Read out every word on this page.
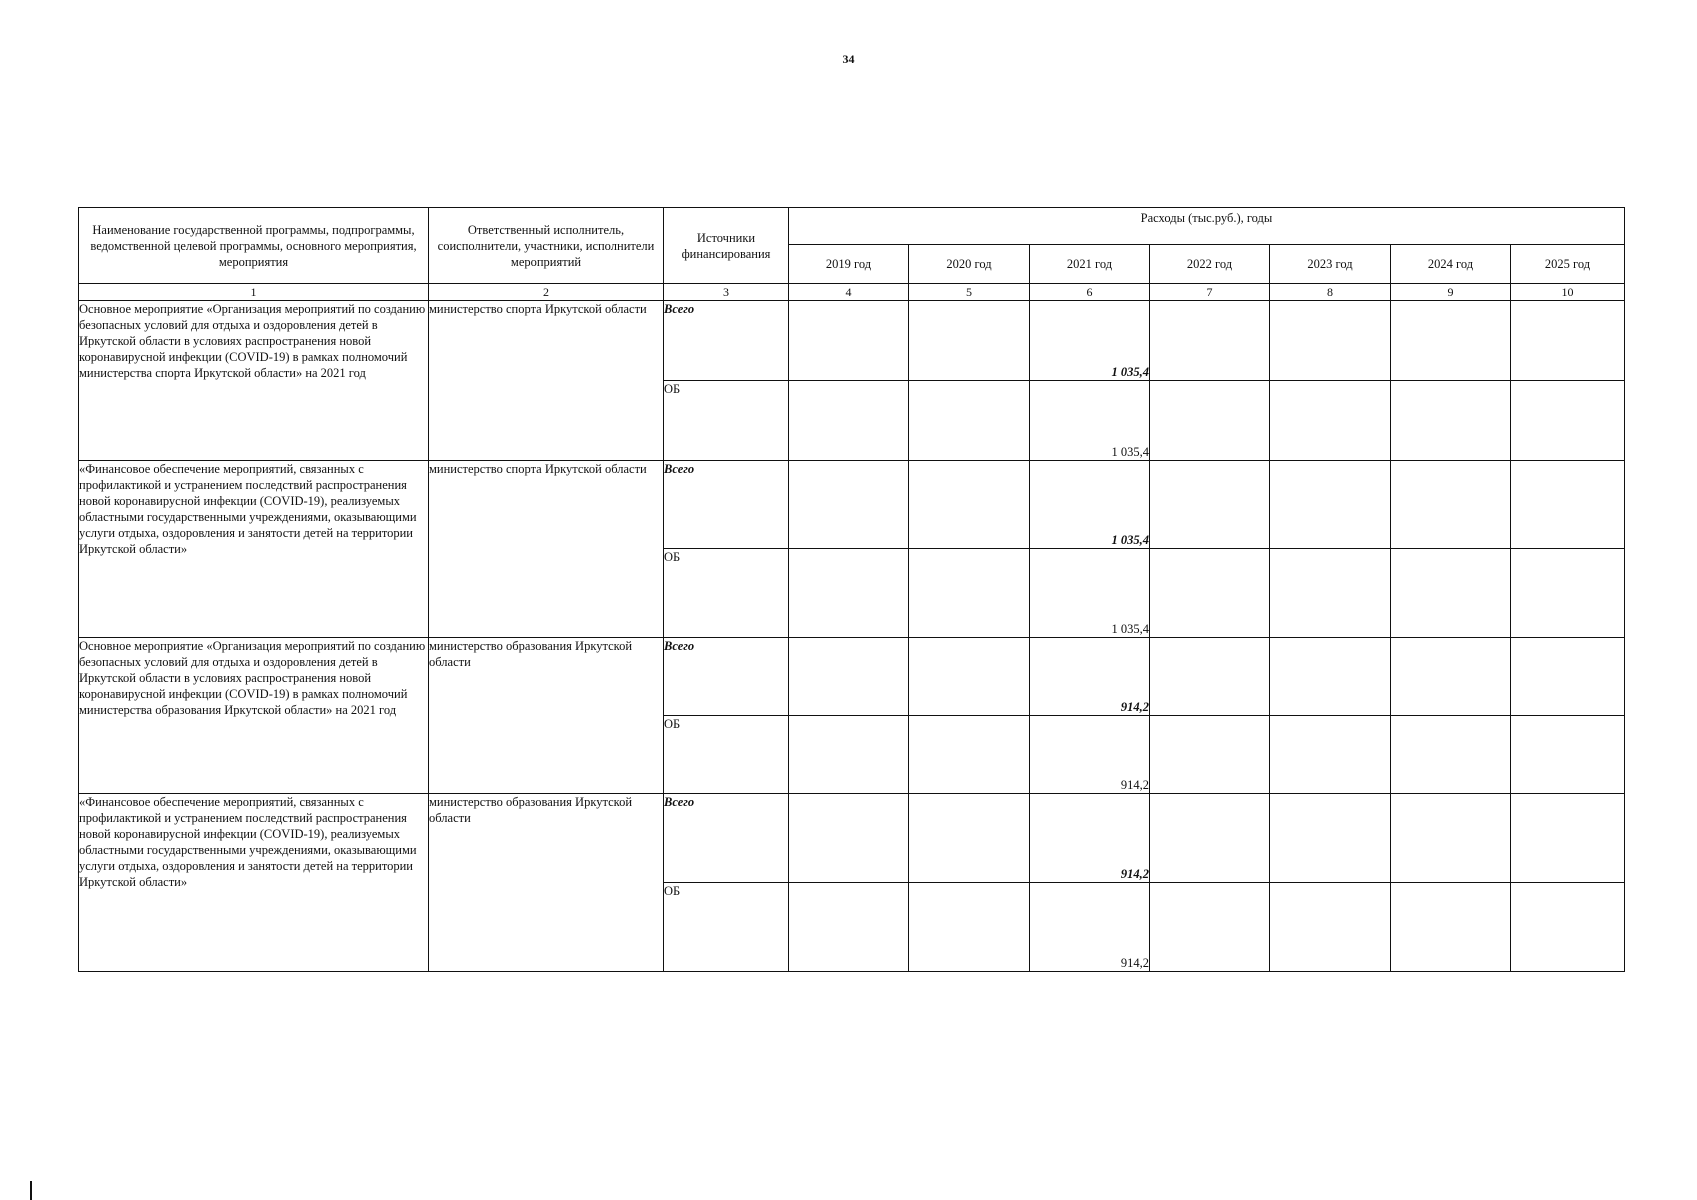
34
Наименование государственной программы, подпрограммы, ведомственной целевой программы, основного мероприятия, мероприятия	Ответственный исполнитель, соисполнители, участники, исполнители мероприятий	Источники финансирования	Расходы (тыс.руб.), годы						
			2019 год	2020 год	2021 год	2022 год	2023 год	2024 год	2025 год
1	2	3	4	5	6	7	8	9	10
Основное мероприятие «Организация мероприятий по созданию безопасных условий для отдыха и оздоровления детей в Иркутской области в условиях распространения новой коронавирусной инфекции (COVID-19) в рамках полномочий министерства спорта Иркутской области» на 2021 год	министерство спорта Иркутской области	Всего			1 035,4				
		ОБ			1 035,4				
«Финансовое обеспечение мероприятий, связанных с профилактикой и устранением последствий распространения новой коронавирусной инфекции (COVID-19), реализуемых областными государственными учреждениями, оказывающими услуги отдыха, оздоровления и занятости детей на территории Иркутской области»	министерство спорта Иркутской области	Всего			1 035,4				
		ОБ			1 035,4				
Основное мероприятие «Организация мероприятий по созданию безопасных условий для отдыха и оздоровления детей в Иркутской области в условиях распространения новой коронавирусной инфекции (COVID-19) в рамках полномочий министерства образования Иркутской области» на 2021 год	министерство образования Иркутской области	Всего			914,2				
		ОБ			914,2				
«Финансовое обеспечение мероприятий, связанных с профилактикой и устранением последствий распространения новой коронавирусной инфекции (COVID-19), реализуемых областными государственными учреждениями, оказывающими услуги отдыха, оздоровления и занятости детей на территории Иркутской области»	министерство образования Иркутской области	Всего			914,2				
		ОБ			914,2				
